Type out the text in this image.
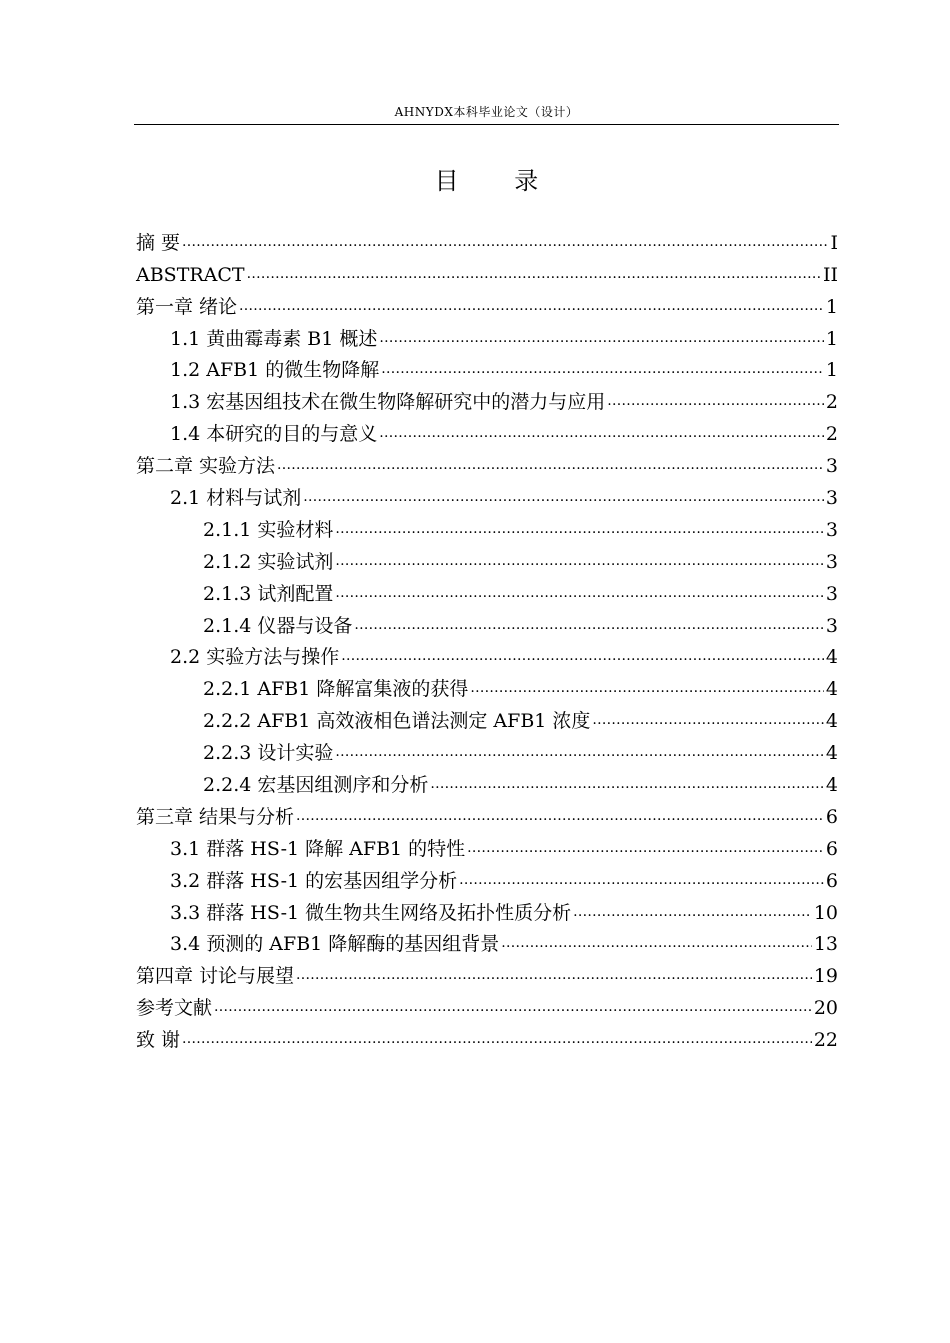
AHNYDX本科毕业论文（设计）
目 录
摘 要 .....	I
ABSTRACT .....	II
第一章 绪论 .....	1
1.1 黄曲霉毒素 B1 概述 .....	1
1.2 AFB1 的微生物降解 .....	1
1.3 宏基因组技术在微生物降解研究中的潜力与应用 .....	2
1.4 本研究的目的与意义 .....	2
第二章 实验方法 .....	3
2.1 材料与试剂 .....	3
2.1.1 实验材料 .....	3
2.1.2 实验试剂 .....	3
2.1.3 试剂配置 .....	3
2.1.4 仪器与设备 .....	3
2.2 实验方法与操作 .....	4
2.2.1 AFB1 降解富集液的获得 .....	4
2.2.2 AFB1 高效液相色谱法测定 AFB1 浓度 .....	4
2.2.3 设计实验 .....	4
2.2.4 宏基因组测序和分析 .....	4
第三章 结果与分析 .....	6
3.1 群落 HS-1 降解 AFB1 的特性 .....	6
3.2 群落 HS-1 的宏基因组学分析 .....	6
3.3 群落 HS-1 微生物共生网络及拓扑性质分析 .....	10
3.4 预测的 AFB1 降解酶的基因组背景 .....	13
第四章 讨论与展望 .....	19
参考文献 .....	20
致 谢 .....	22
